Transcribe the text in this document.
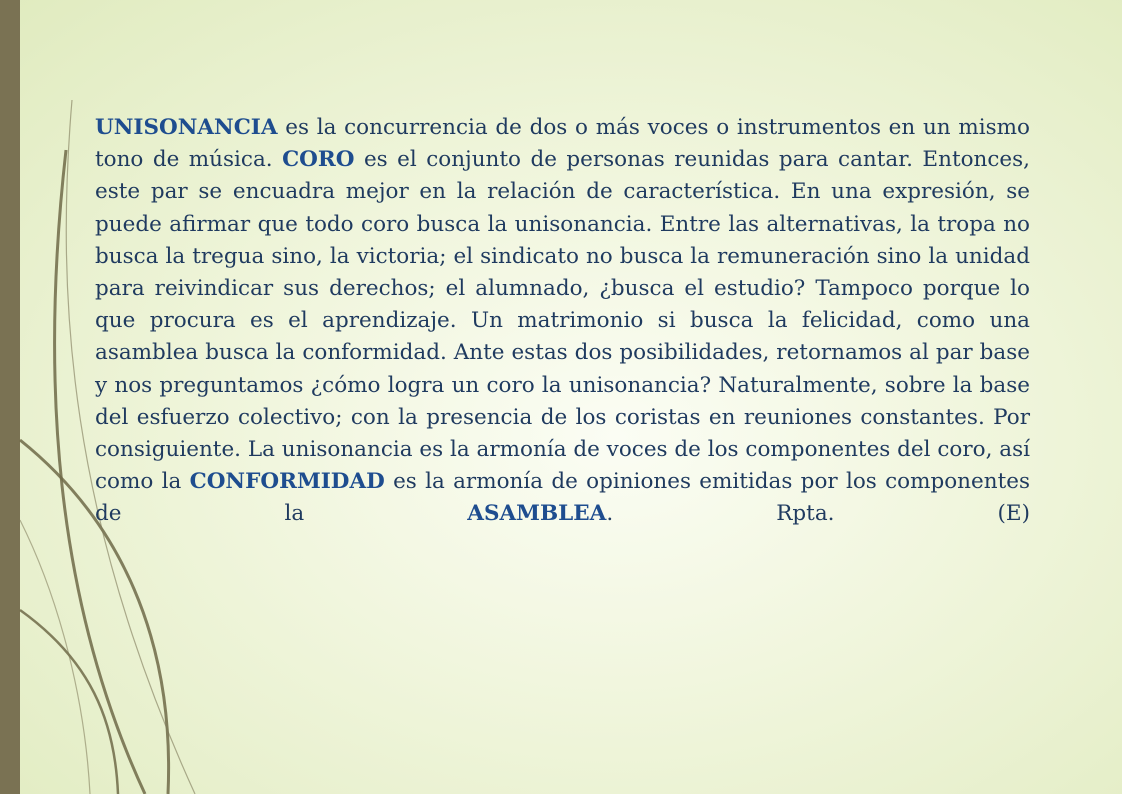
UNISONANCIA es la concurrencia de dos o más voces o instrumentos en un mismo tono de música. CORO es el conjunto de personas reunidas para cantar. Entonces, este par se encuadra mejor en la relación de característica. En una expresión, se puede afirmar que todo coro busca la unisonancia. Entre las alternativas, la tropa no busca la tregua sino, la victoria; el sindicato no busca la remuneración sino la unidad para reivindicar sus derechos; el alumnado, ¿busca el estudio? Tampoco porque lo que procura es el aprendizaje. Un matrimonio si busca la felicidad, como una asamblea busca la conformidad. Ante estas dos posibilidades, retornamos al par base y nos preguntamos ¿cómo logra un coro la unisonancia? Naturalmente, sobre la base del esfuerzo colectivo; con la presencia de los coristas en reuniones constantes. Por consiguiente. La unisonancia es la armonía de voces de los componentes del coro, así como la CONFORMIDAD es la armonía de opiniones emitidas por los componentes de la ASAMBLEA. Rpta. (E)
